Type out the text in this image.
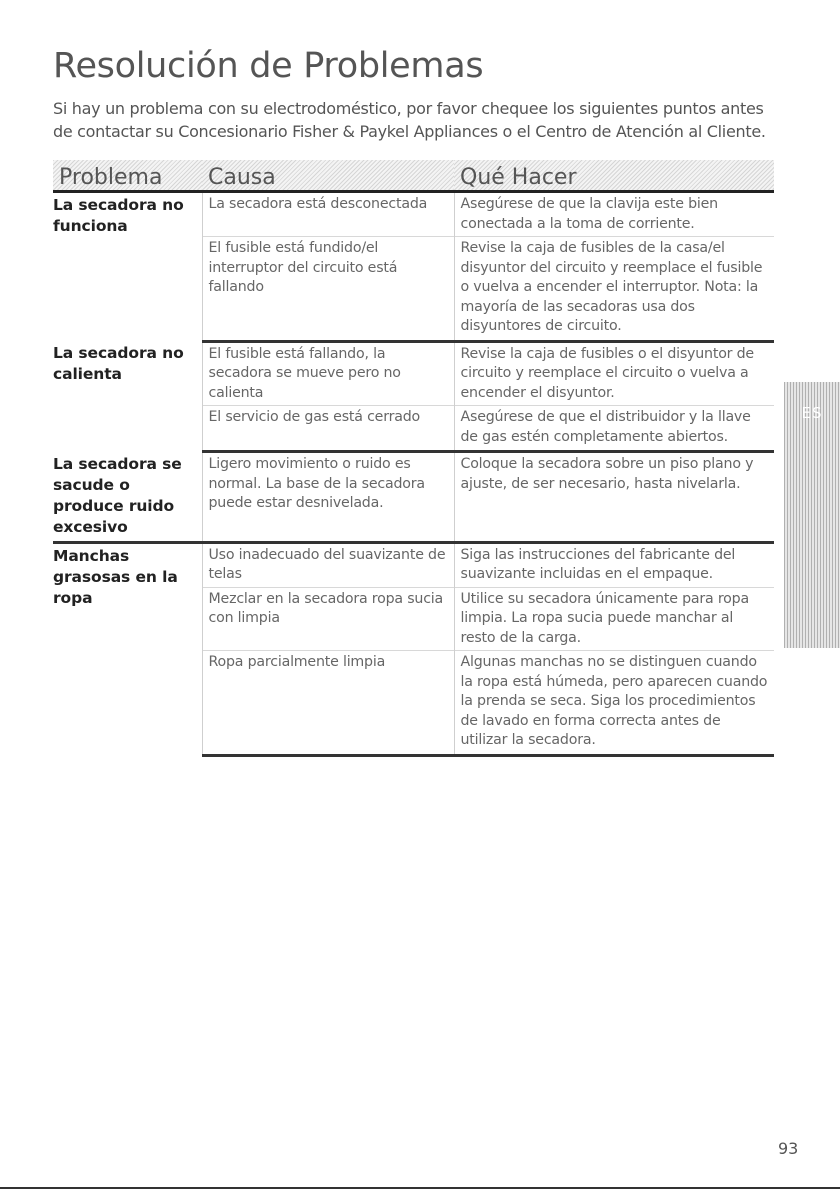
Resolución de Problemas

Si hay un problema con su electrodoméstico, por favor chequee los siguientes puntos antes de contactar su Concesionario Fisher & Paykel Appliances o el Centro de Atención al Cliente.

Problema	Causa	Qué Hacer
La secadora no funciona	La secadora está desconectada	Asegúrese de que la clavija este bien conectada a la toma de corriente.
	El fusible está fundido/el interruptor del circuito está fallando	Revise la caja de fusibles de la casa/el disyuntor del circuito y reemplace el fusible o vuelva a encender el interruptor. Nota: la mayoría de las secadoras usa dos disyuntores de circuito.
La secadora no calienta	El fusible está fallando, la secadora se mueve pero no calienta	Revise la caja de fusibles o el disyuntor de circuito y reemplace el circuito o vuelva a encender el disyuntor.
	El servicio de gas está cerrado	Asegúrese de que el distribuidor y la llave de gas estén completamente abiertos.
La secadora se sacude o produce ruido excesivo	Ligero movimiento o ruido es normal. La base de la secadora puede estar desnivelada.	Coloque la secadora sobre un piso plano y ajuste, de ser necesario, hasta nivelarla.
Manchas grasosas en la ropa	Uso inadecuado del suavizante de telas	Siga las instrucciones del fabricante del suavizante incluidas en el empaque.
	Mezclar en la secadora ropa sucia con limpia	Utilice su secadora únicamente para ropa limpia. La ropa sucia puede manchar al resto de la carga.
	Ropa parcialmente limpia	Algunas manchas no se distinguen cuando la ropa está húmeda, pero aparecen cuando la prenda se seca. Siga los procedimientos de lavado en forma correcta antes de utilizar la secadora.
ES
93
